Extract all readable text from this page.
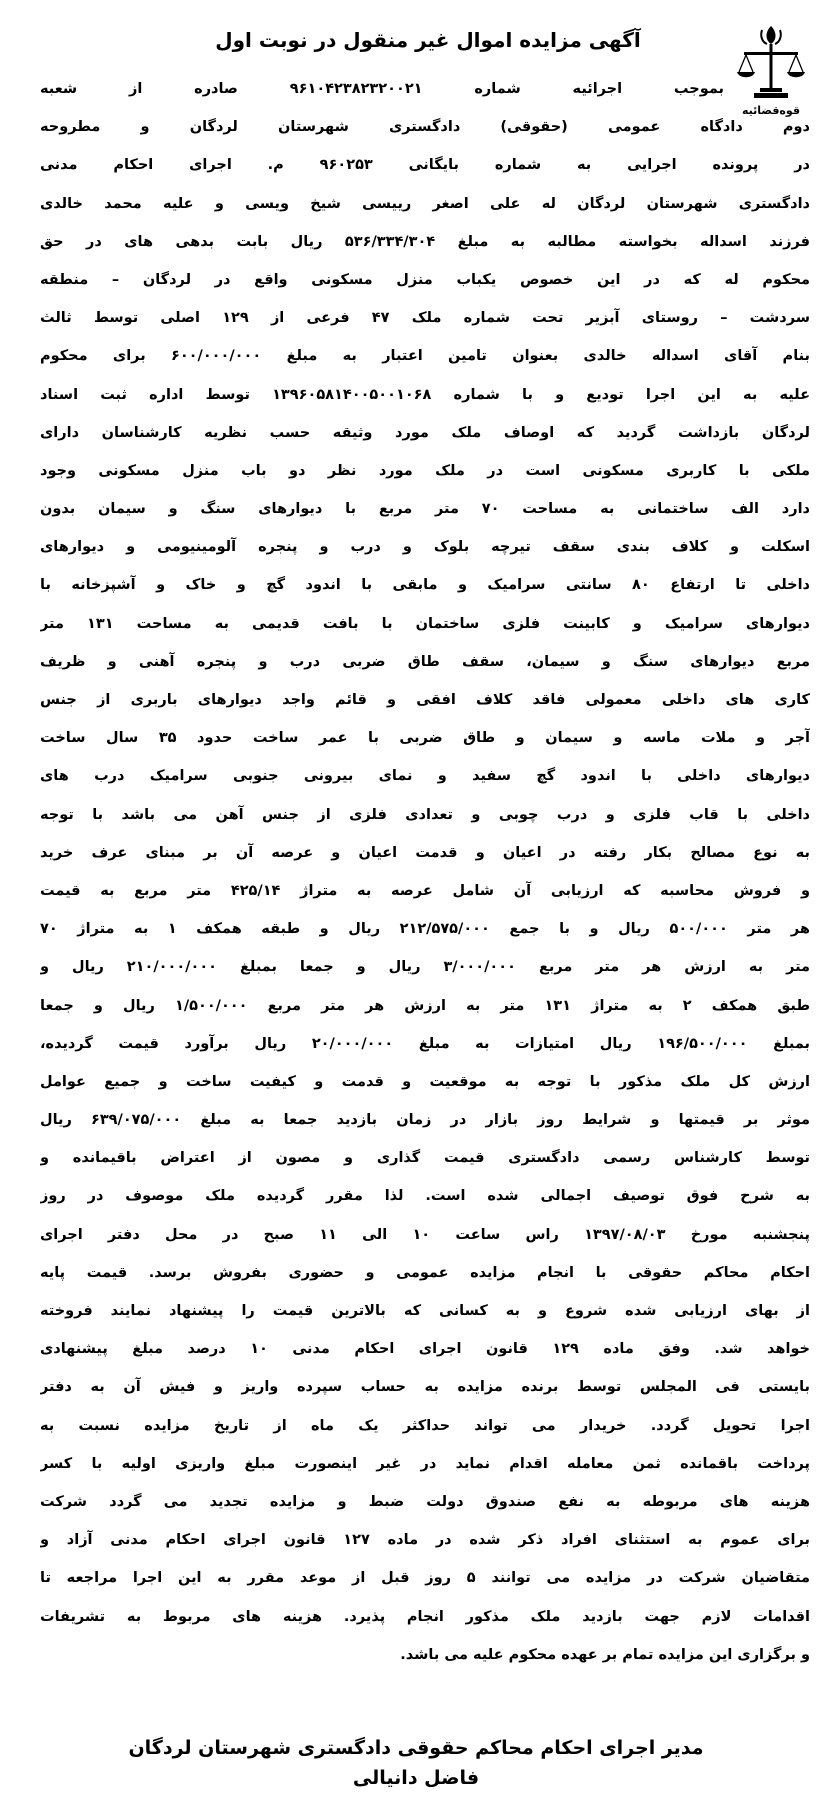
قوه‌قضائیه
آگهی مزایده اموال غیر منقول در نوبت اول
بموجب اجرائیه شماره ۹۶۱۰۴۲۳۸۲۳۲۰۰۲۱ صادره از شعبه
دوم دادگاه عمومی (حقوقی) دادگستری شهرستان لردگان و مطروحه
در پرونده اجرایی به شماره بایگانی ۹۶۰۲۵۳ م. اجرای احکام مدنی
دادگستری شهرستان لردگان له علی اصغر رییسی شیخ ویسی و علیه محمد خالدی
فرزند اسداله بخواسته مطالبه به مبلغ ۵۳۶/۳۳۴/۳۰۴ ریال بابت بدهی های در حق
محکوم له که در این خصوص یکباب منزل مسکونی واقع در لردگان – منطقه
سردشت – روستای آبزیر تحت شماره ملک ۴۷ فرعی از ۱۲۹ اصلی توسط ثالث
بنام آقای اسداله خالدی بعنوان تامین اعتبار به مبلغ ۶۰۰/۰۰۰/۰۰۰ برای محکوم
علیه به این اجرا تودیع و با شماره ۱۳۹۶۰۵۸۱۴۰۰۵۰۰۱۰۶۸ توسط اداره ثبت اسناد
لردگان بازداشت گردید که اوصاف ملک مورد وثیقه حسب نظریه کارشناسان دارای
ملکی با کاربری مسکونی است در ملک مورد نظر دو باب منزل مسکونی وجود
دارد الف ساختمانی به مساحت ۷۰ متر مربع با دیوارهای سنگ و سیمان بدون
اسکلت و کلاف بندی سقف تیرچه بلوک و درب و پنجره آلومینیومی و دیوارهای
داخلی تا ارتفاع ۸۰ سانتی سرامیک و مابقی با اندود گچ و خاک و آشپزخانه با
دیوارهای سرامیک و کابینت فلزی ساختمان با بافت قدیمی به مساحت ۱۳۱ متر
مربع دیوارهای سنگ و سیمان، سقف طاق ضربی درب و پنجره آهنی و ظریف
کاری های داخلی معمولی فاقد کلاف افقی و قائم واجد دیوارهای باربری از جنس
آجر و ملات ماسه و سیمان و طاق ضربی با عمر ساخت حدود ۳۵ سال ساخت
دیوارهای داخلی با اندود گچ سفید و نمای بیرونی جنوبی سرامیک درب های
داخلی با قاب فلزی و درب چوبی و تعدادی فلزی از جنس آهن می باشد با توجه
به نوع مصالح بکار رفته در اعیان و قدمت اعیان و عرصه آن بر مبنای عرف خرید
و فروش محاسبه که ارزیابی آن شامل عرصه به متراژ ۴۲۵/۱۴ متر مربع به قیمت
هر متر ۵۰۰/۰۰۰ ریال و با جمع ۲۱۲/۵۷۵/۰۰۰ ریال و طبقه همکف ۱ به متراژ ۷۰
متر به ارزش هر متر مربع ۳/۰۰۰/۰۰۰ ریال و جمعا بمبلغ ۲۱۰/۰۰۰/۰۰۰ ریال و
طبق همکف ۲ به متراژ ۱۳۱ متر به ارزش هر متر مربع ۱/۵۰۰/۰۰۰ ریال و جمعا
بمبلغ ۱۹۶/۵۰۰/۰۰۰ ریال امتیازات به مبلغ ۲۰/۰۰۰/۰۰۰ ریال برآورد قیمت گردیده،
ارزش کل ملک مذکور با توجه به موقعیت و قدمت و کیفیت ساخت و جمیع عوامل
موثر بر قیمتها و شرایط روز بازار در زمان بازدید جمعا به مبلغ ۶۳۹/۰۷۵/۰۰۰ ریال
توسط کارشناس رسمی دادگستری قیمت گذاری و مصون از اعتراض باقیمانده و
به شرح فوق توصیف اجمالی شده است. لذا مقرر گردیده ملک موصوف در روز
پنجشنبه مورخ ۱۳۹۷/۰۸/۰۳ راس ساعت ۱۰ الی ۱۱ صبح در محل دفتر اجرای
احکام محاکم حقوقی با انجام مزایده عمومی و حضوری بفروش برسد. قیمت پایه
از بهای ارزیابی شده شروع و به کسانی که بالاترین قیمت را پیشنهاد نمایند فروخته
خواهد شد. وفق ماده ۱۲۹ قانون اجرای احکام مدنی ۱۰ درصد مبلغ پیشنهادی
بایستی فی المجلس توسط برنده مزایده به حساب سپرده واریز و فیش آن به دفتر
اجرا تحویل گردد. خریدار می تواند حداکثر یک ماه از تاریخ مزایده نسبت به
پرداخت باقمانده ثمن معامله اقدام نماید در غیر اینصورت مبلغ واریزی اولیه با کسر
هزینه های مربوطه به نفع صندوق دولت ضبط و مزایده تجدید می گردد شرکت
برای عموم به استثنای افراد ذکر شده در ماده ۱۲۷ قانون اجرای احکام مدنی آزاد و
متقاضیان شرکت در مزایده می توانند ۵ روز قبل از موعد مقرر به این اجرا مراجعه تا
اقدامات لازم جهت بازدید ملک مذکور انجام پذیرد. هزینه های مربوط به تشریفات
و برگزاری این مزایده تمام بر عهده محکوم علیه می باشد.
مدیر اجرای احکام محاکم حقوقی دادگستری شهرستان لردگان
فاضل دانیالی
